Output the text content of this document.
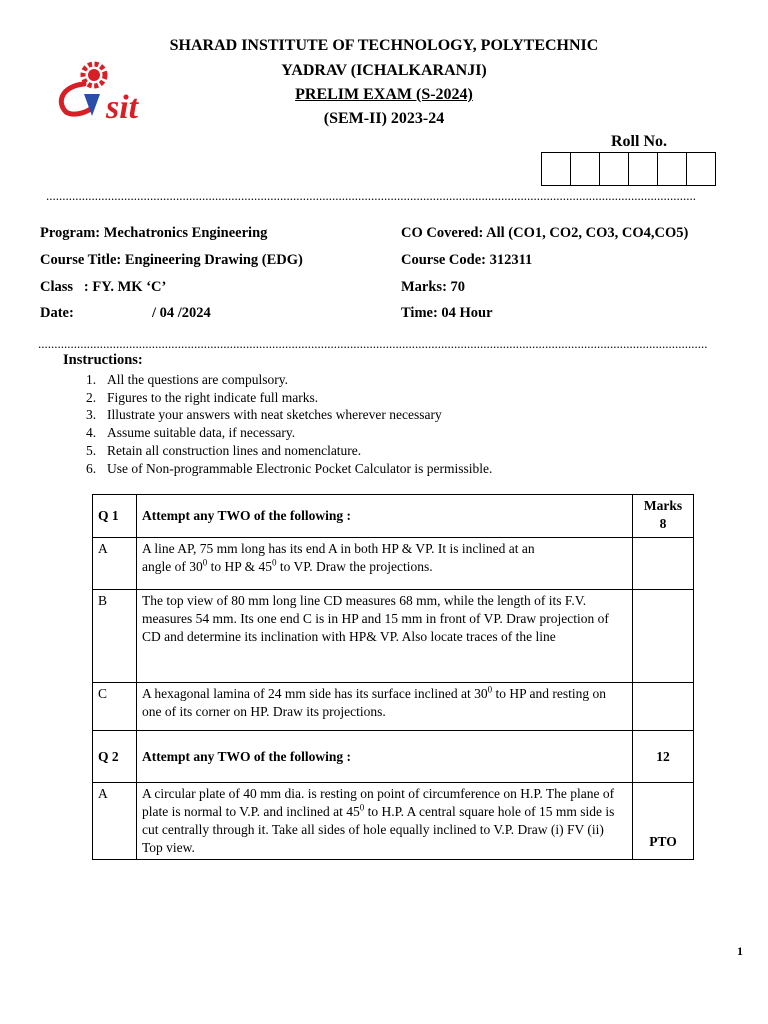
sit
SHARAD INSTITUTE OF TECHNOLOGY, POLYTECHNIC
YADRAV (ICHALKARANJI)
PRELIM EXAM (S-2024)
(SEM-II) 2023-24
Roll No.
........................................................................................................................................................................................................
Program: Mechatronics Engineering
Course Title: Engineering Drawing (EDG)
Class   : FY. MK ‘C’
Date:	/ 04 /2024
CO Covered: All (CO1, CO2, CO3, CO4,CO5)
Course Code: 312311
Marks: 70
Time: 04 Hour
..............................................................................................................................................................................................................
Instructions:
1. All the questions are compulsory.
2. Figures to the right indicate full marks.
3. Illustrate your answers with neat sketches wherever necessary
4. Assume suitable data, if necessary.
5. Retain all construction lines and nomenclature.
6. Use of Non-programmable Electronic Pocket Calculator is permissible.
Q 1	Attempt any TWO of the following :	Marks
8

A	A line AP, 75 mm long has its end A in both HP & VP. It is inclined at an
angle of $30^0$ to HP & $45^0$ to VP. Draw the projections.	
B	The top view of 80 mm long line CD measures 68 mm, while the length of its F.V. measures 54 mm. Its one end C is in HP and 15 mm in front of VP. Draw projection of CD and determine its inclination with HP& VP. Also locate traces of the line	
C	A hexagonal lamina of 24 mm side has its surface inclined at $30^0$ to HP and resting on one of its corner on HP. Draw its projections.	
Q 2	Attempt any TWO of the following :	12
A	A circular plate of 40 mm dia. is resting on point of circumference on H.P. The plane of plate is normal to V.P. and inclined at $45^0$ to H.P. A central square hole of 15 mm side is cut centrally through it. Take all sides of hole equally inclined to V.P. Draw (i) FV (ii) Top view.	PTO
1
